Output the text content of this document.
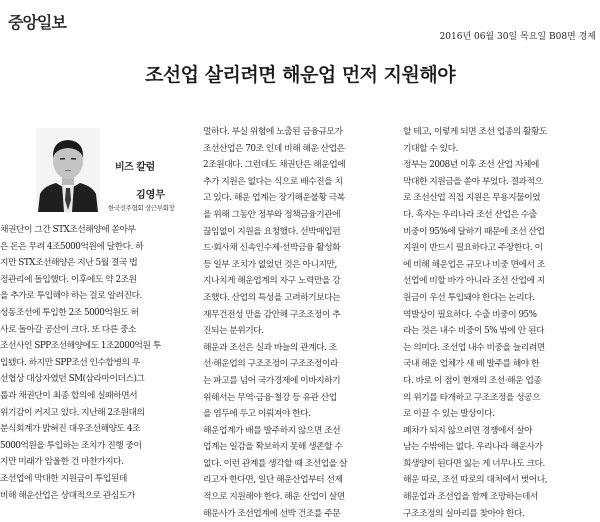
중앙일보
2016년 06월 30일 목요일 B08면 경제
조선업 살리려면 해운업 먼저 지원해야
비즈 칼럼
김영무
한국선주협회 상근부회장

채권단이 그간 STX조선해양에 쏟아부

은 돈은 무려 4조5000억원에 달한다. 하

지만 STX조선해양은 지난 5월 결국 법

정관리에 돌입했다. 이후에도 약 2조원

을 추가로 투입해야 하는 걸로 알려진다.

성동조선에 투입한 2조 5000억원도 허

사로 돌아갈 공산이 크다. 또 다른 중소

조선사인 SPP조선해양에도 1조2000억원 투

입됐다. 하지만 SPP조선 인수합병의 우

선협상 대상자였던 SM(삼라마이더스)그

룹과 채권단이 최종 합의에 실패하면서

위기감이 커지고 있다. 지난해 2조원대의

분식회계가 밝혀진 대우조선해양도 4조

5000억원을 투입하는 조치가 진행 중이

지만 미래가 암울한 건 마찬가지다.

조선업에 막대한 지원금이 투입된데

비해 해운산업은 상대적으로 관심도가

멀하다. 부실 위험에 노출된 금융규모가

조선산업은 70조 인데 비해 해운 산업은

2조원대다. 그런데도 채권단은 해운업에

추가 지원은 없다는 식으로 배수진을 치

고 있다. 해운 업계는 장기해운불황 극복

을 위해 그동안 정부와 정책금융기관에

끊임없이 지원을 요청했다. 선박매입펀

드·회사채 신속인수제·선박금융 활성화

등 일부 조치가 없었던 것은 아니지만,

지나치게 해운업계의 자구 노력만을 강

조했다. 산업의 특성을 고려하기보다는

재무건전성 만을 감안해 구조조정이 추

진되는 분위기다.

해운과 조선은 실과 바늘의 관계다. 조

선·해운업의 구조조정이 구조조정이라

는 파고를 넘어 국가경제에 이바지하기

위해서는 무역·금융·철강 등 유관 산업

을 염두에 두고 이뤄져야 한다.

해운업계가 배를 발주하지 않으면 조선

업계는 일감을 확보하지 못해 생존할 수

없다. 이런 관계를 생각할 때 조선업을 살

리고자 한다면, 일단 해운산업부터 선제

적으로 지원해야 한다. 해운 산업이 살면

해운사가 조선업계에 선박 건조를 주문

할 테고, 이렇게 되면 조선 업종의 활황도

기대할 수 있다.

정부는 2008년 이후 조선 산업 자체에

막대한 지원금을 쏟아 부었다. 결과적으

로 조선산업 직접 지원은 무용지물이었

다. 흑자는 우리나라 조선 산업은 수출

비중이 95%에 달하기 때문에 조선 산업

지원이 반드시 필요하다고 주장한다. 이

에 비해 해운업은 규모나 비중 면에서 조

선업에 비할 바가 아니라 조선 산업에 지

원금이 우선 투입돼야 한다는 논리다.

역발상이 필요하다. 수출 비중이 95%

라는 것은 내수 비중이 5% 밖에 안 된다

는 의미다. 조선업 내수 비중을 늘리려면

국내 해운 업체가 새 배 발주를 해야 한

다. 바로 이 점이 현재의 조선·해운 업종

의 위기를 타개하고 구조조정을 성공으

로 이끌 수 있는 발상이다.

폐차가 되지 않으려면 경쟁에서 살아

남는 수밖에는 없다. 우리나라 해운사가

희생양이 된다면 잃는 게 너무나도 크다.

해운 따로, 조선 따로의 대처에서 벗어나,

해운업과 조선업을 함께 조망하는데서

구조조정의 실마리를 찾아야 한다.
